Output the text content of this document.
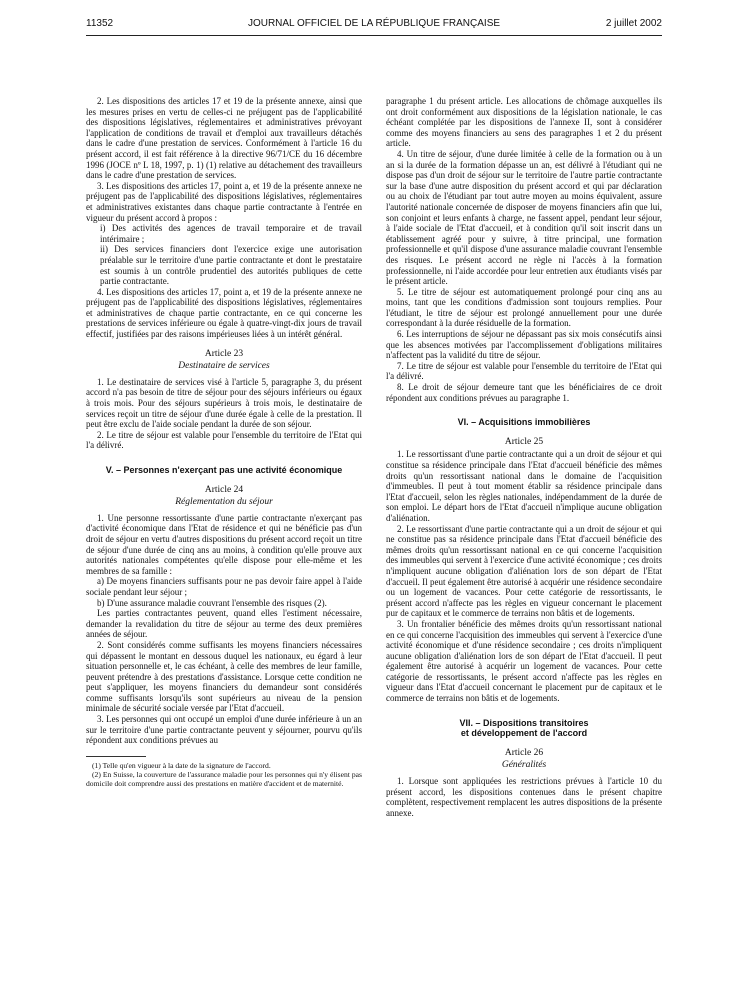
11352	JOURNAL OFFICIEL DE LA RÉPUBLIQUE FRANÇAISE	2 juillet 2002

2. Les dispositions des articles 17 et 19 de la présente annexe, ainsi que les mesures prises en vertu de celles-ci ne préjugent pas de l'applicabilité des dispositions législatives, réglementaires et administratives prévoyant l'application de conditions de travail et d'emploi aux travailleurs détachés dans le cadre d'une prestation de services. Conformément à l'article 16 du présent accord, il est fait référence à la directive 96/71/CE du 16 décembre 1996 (JOCE nº L 18, 1997, p. 1) (1) relative au détachement des travailleurs dans le cadre d'une prestation de services.

3. Les dispositions des articles 17, point a, et 19 de la présente annexe ne préjugent pas de l'applicabilité des dispositions législatives, réglementaires et administratives existantes dans chaque partie contractante à l'entrée en vigueur du présent accord à propos :

i) Des activités des agences de travail temporaire et de travail intérimaire ;

ii) Des services financiers dont l'exercice exige une autorisation préalable sur le territoire d'une partie contractante et dont le prestataire est soumis à un contrôle prudentiel des autorités publiques de cette partie contractante.

4. Les dispositions des articles 17, point a, et 19 de la présente annexe ne préjugent pas de l'applicabilité des dispositions législatives, réglementaires et administratives de chaque partie contractante, en ce qui concerne les prestations de services inférieure ou égale à quatre-vingt-dix jours de travail effectif, justifiées par des raisons impérieuses liées à un intérêt général.

Article 23
Destinataire de services

1. Le destinataire de services visé à l'article 5, paragraphe 3, du présent accord n'a pas besoin de titre de séjour pour des séjours inférieurs ou égaux à trois mois. Pour des séjours supérieurs à trois mois, le destinataire de services reçoit un titre de séjour d'une durée égale à celle de la prestation. Il peut être exclu de l'aide sociale pendant la durée de son séjour.

2. Le titre de séjour est valable pour l'ensemble du territoire de l'Etat qui l'a délivré.

V. – Personnes n'exerçant pas une activité économique
Article 24
Réglementation du séjour

1. Une personne ressortissante d'une partie contractante n'exerçant pas d'activité économique dans l'Etat de résidence et qui ne bénéficie pas d'un droit de séjour en vertu d'autres dispositions du présent accord reçoit un titre de séjour d'une durée de cinq ans au moins, à condition qu'elle prouve aux autorités nationales compétentes qu'elle dispose pour elle-même et les membres de sa famille :

a) De moyens financiers suffisants pour ne pas devoir faire appel à l'aide sociale pendant leur séjour ;

b) D'une assurance maladie couvrant l'ensemble des risques (2).

Les parties contractantes peuvent, quand elles l'estiment nécessaire, demander la revalidation du titre de séjour au terme des deux premières années de séjour.

2. Sont considérés comme suffisants les moyens financiers nécessaires qui dépassent le montant en dessous duquel les nationaux, eu égard à leur situation personnelle et, le cas échéant, à celle des membres de leur famille, peuvent prétendre à des prestations d'assistance. Lorsque cette condition ne peut s'appliquer, les moyens financiers du demandeur sont considérés comme suffisants lorsqu'ils sont supérieurs au niveau de la pension minimale de sécurité sociale versée par l'Etat d'accueil.

3. Les personnes qui ont occupé un emploi d'une durée inférieure à un an sur le territoire d'une partie contractante peuvent y séjourner, pourvu qu'ils répondent aux conditions prévues au

(1) Telle qu'en vigueur à la date de la signature de l'accord.

(2) En Suisse, la couverture de l'assurance maladie pour les personnes qui n'y élisent pas domicile doit comprendre aussi des prestations en matière d'accident et de maternité.

paragraphe 1 du présent article. Les allocations de chômage auxquelles ils ont droit conformément aux dispositions de la législation nationale, le cas échéant complétée par les dispositions de l'annexe II, sont à considérer comme des moyens financiers au sens des paragraphes 1 et 2 du présent article.

4. Un titre de séjour, d'une durée limitée à celle de la formation ou à un an si la durée de la formation dépasse un an, est délivré à l'étudiant qui ne dispose pas d'un droit de séjour sur le territoire de l'autre partie contractante sur la base d'une autre disposition du présent accord et qui par déclaration ou au choix de l'étudiant par tout autre moyen au moins équivalent, assure l'autorité nationale concernée de disposer de moyens financiers afin que lui, son conjoint et leurs enfants à charge, ne fassent appel, pendant leur séjour, à l'aide sociale de l'Etat d'accueil, et à condition qu'il soit inscrit dans un établissement agréé pour y suivre, à titre principal, une formation professionnelle et qu'il dispose d'une assurance maladie couvrant l'ensemble des risques. Le présent accord ne règle ni l'accès à la formation professionnelle, ni l'aide accordée pour leur entretien aux étudiants visés par le présent article.

5. Le titre de séjour est automatiquement prolongé pour cinq ans au moins, tant que les conditions d'admission sont toujours remplies. Pour l'étudiant, le titre de séjour est prolongé annuellement pour une durée correspondant à la durée résiduelle de la formation.

6. Les interruptions de séjour ne dépassant pas six mois consécutifs ainsi que les absences motivées par l'accomplissement d'obligations militaires n'affectent pas la validité du titre de séjour.

7. Le titre de séjour est valable pour l'ensemble du territoire de l'Etat qui l'a délivré.

8. Le droit de séjour demeure tant que les bénéficiaires de ce droit répondent aux conditions prévues au paragraphe 1.

VI. – Acquisitions immobilières
Article 25

1. Le ressortissant d'une partie contractante qui a un droit de séjour et qui constitue sa résidence principale dans l'Etat d'accueil bénéficie des mêmes droits qu'un ressortissant national dans le domaine de l'acquisition d'immeubles. Il peut à tout moment établir sa résidence principale dans l'Etat d'accueil, selon les règles nationales, indépendamment de la durée de son emploi. Le départ hors de l'Etat d'accueil n'implique aucune obligation d'aliénation.

2. Le ressortissant d'une partie contractante qui a un droit de séjour et qui ne constitue pas sa résidence principale dans l'Etat d'accueil bénéficie des mêmes droits qu'un ressortissant national en ce qui concerne l'acquisition des immeubles qui servent à l'exercice d'une activité économique ; ces droits n'impliquent aucune obligation d'aliénation lors de son départ de l'Etat d'accueil. Il peut également être autorisé à acquérir une résidence secondaire ou un logement de vacances. Pour cette catégorie de ressortissants, le présent accord n'affecte pas les règles en vigueur concernant le placement pur de capitaux et le commerce de terrains non bâtis et de logements.

3. Un frontalier bénéficie des mêmes droits qu'un ressortissant national en ce qui concerne l'acquisition des immeubles qui servent à l'exercice d'une activité économique et d'une résidence secondaire ; ces droits n'impliquent aucune obligation d'aliénation lors de son départ de l'Etat d'accueil. Il peut également être autorisé à acquérir un logement de vacances. Pour cette catégorie de ressortissants, le présent accord n'affecte pas les règles en vigueur dans l'Etat d'accueil concernant le placement pur de capitaux et le commerce de terrains non bâtis et de logements.

VII. – Dispositions transitoires
et développement de l'accord
Article 26
Généralités

1. Lorsque sont appliquées les restrictions prévues à l'article 10 du présent accord, les dispositions contenues dans le présent chapitre complètent, respectivement remplacent les autres dispositions de la présente annexe.
